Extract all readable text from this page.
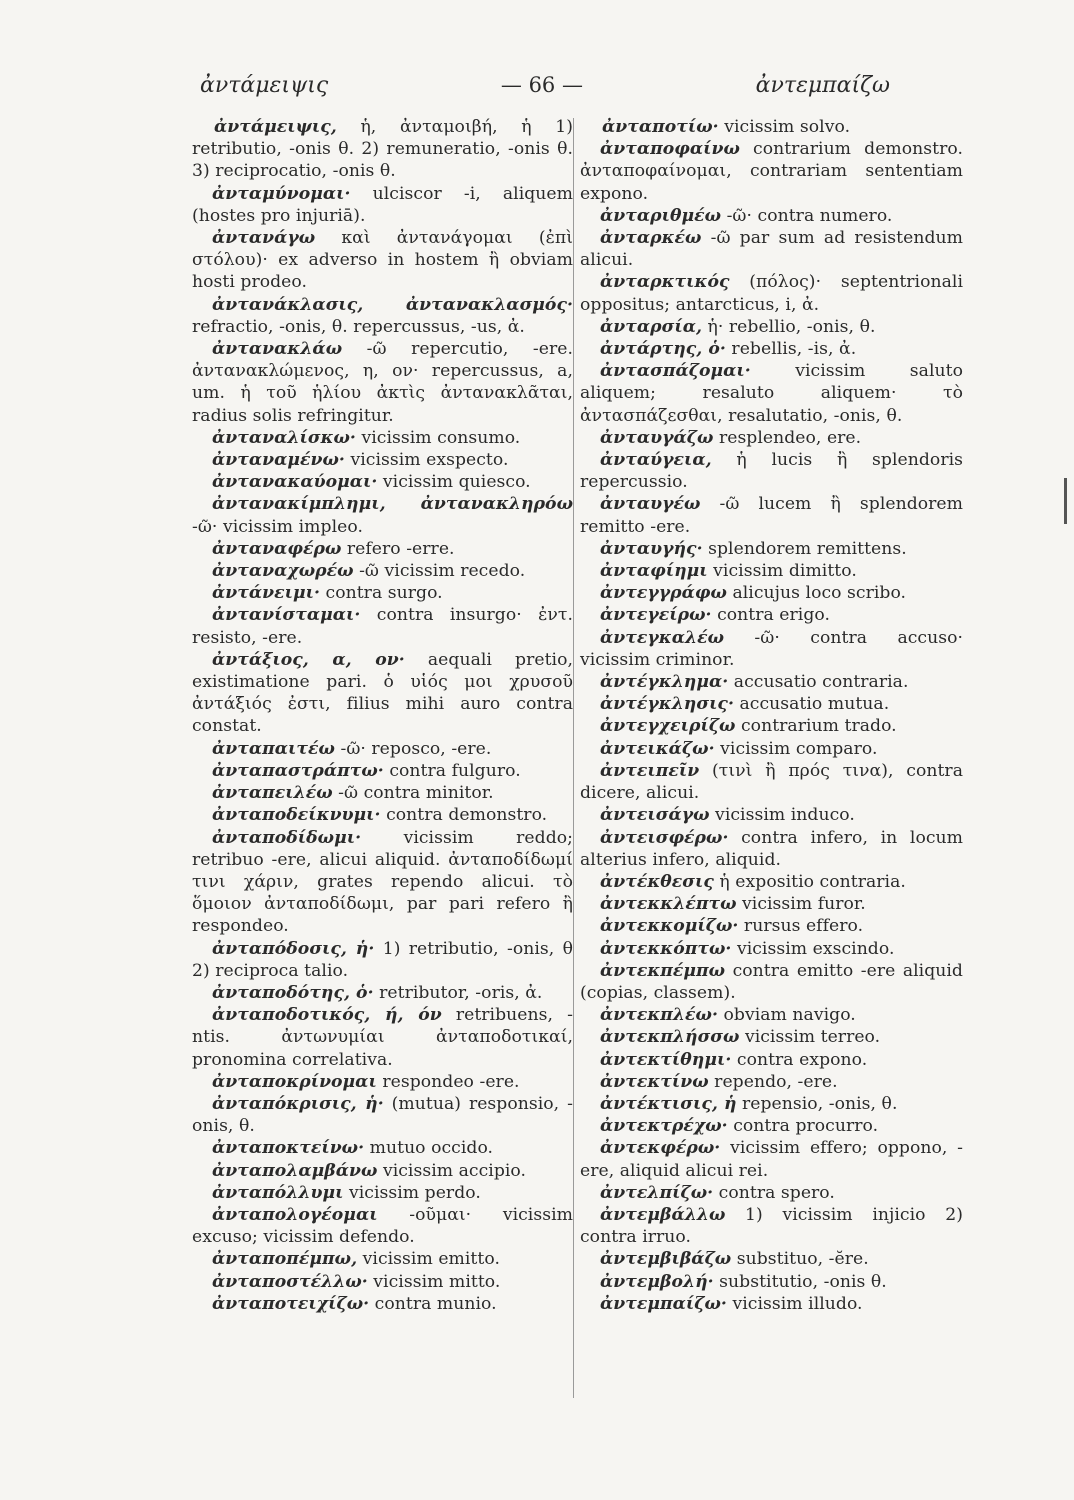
ἀντάμειψις	— 66 —	ἀντεμπαίζω

ἀντάμειψις, ἡ, ἀνταμοιβή, ἡ 1) retributio, -onis θ. 2) remuneratio, -onis θ. 3) reciprocatio, -onis θ.

ἀνταμύνομαι· ulciscor -i, aliquem (hostes pro injuriā).

ἀντανάγω καὶ ἀντανάγομαι (ἐπὶ στόλου)· ex adverso in hostem ἢ obviam hosti prodeo.

ἀντανάκλασις, ἀντανακλασμός· refractio, -onis, θ. repercussus, -us, ἀ.

ἀντανακλάω -ῶ repercutio, -ere. ἀντανακλώμενος, η, ον· repercussus, a, um. ἡ τοῦ ἡλίου ἀκτὶς ἀντανακλᾶται, radius solis refringitur.

ἀνταναλίσκω· vicissim consumo.

ἀνταναμένω· vicissim exspecto.

ἀντανακαύομαι· vicissim quiesco.

ἀντανακίμπλημι, ἀντανακληρόω -ῶ· vicissim impleo.

ἀνταναφέρω refero -erre.

ἀνταναχωρέω -ῶ vicissim recedo.

ἀντάνειμι· contra surgo.

ἀντανίσταμαι· contra insurgo· ἐντ. resisto, -ere.

ἀντάξιος, α, ον· aequali pretio, existimatione pari. ὁ υἱός μοι χρυσοῦ ἀντάξιός ἐστι, filius mihi auro contra constat.

ἀνταπαιτέω -ῶ· reposco, -ere.

ἀνταπαστράπτω· contra fulguro.

ἀνταπειλέω -ῶ contra minitor.

ἀνταποδείκνυμι· contra demonstro.

ἀνταποδίδωμι· vicissim reddo; retribuo -ere, alicui aliquid. ἀνταποδίδωμί τινι χάριν, grates rependo alicui. τὸ ὅμοιον ἀνταποδίδωμι, par pari refero ἢ respondeo.

ἀνταπόδοσις, ἡ· 1) retributio, -onis, θ 2) reciproca talio.

ἀνταποδότης, ὁ· retributor, -oris, ἀ.

ἀνταποδοτικός, ή, όν retribuens, -ntis. ἀντωνυμίαι ἀνταποδοτικαί, pronomina correlativa.

ἀνταποκρίνομαι respondeo -ere.

ἀνταπόκρισις, ἡ· (mutua) responsio, -onis, θ.

ἀνταποκτείνω· mutuo occido.

ἀνταπολαμβάνω vicissim accipio.

ἀνταπόλλυμι vicissim perdo.

ἀνταπολογέομαι -οῦμαι· vicissim excuso; vicissim defendo.

ἀνταποπέμπω, vicissim emitto.

ἀνταποστέλλω· vicissim mitto.

ἀνταποτειχίζω· contra munio.

ἀνταποτίω· vicissim solvo.

ἀνταποφαίνω contrarium demonstro. ἀνταποφαίνομαι, contrariam sententiam expono.

ἀνταριθμέω -ῶ· contra numero.

ἀνταρκέω -ῶ par sum ad resistendum alicui.

ἀνταρκτικός (πόλος)· septentrionali oppositus; antarcticus, i, ἀ.

ἀνταρσία, ἡ· rebellio, -onis, θ.

ἀντάρτης, ὁ· rebellis, -is, ἀ.

ἀντασπάζομαι· vicissim saluto aliquem; resaluto aliquem· τὸ ἀντασπάζεσθαι, resalutatio, -onis, θ.

ἀνταυγάζω resplendeo, ere.

ἀνταύγεια, ἡ lucis ἢ splendoris repercussio.

ἀνταυγέω -ῶ lucem ἢ splendorem remitto -ere.

ἀνταυγής· splendorem remittens.

ἀνταφίημι vicissim dimitto.

ἀντεγγράφω alicujus loco scribo.

ἀντεγείρω· contra erigo.

ἀντεγκαλέω -ῶ· contra accuso· vicissim criminor.

ἀντέγκλημα· accusatio contraria.

ἀντέγκλησις· accusatio mutua.

ἀντεγχειρίζω contrarium trado.

ἀντεικάζω· vicissim comparo.

ἀντειπεῖν (τινὶ ἢ πρός τινα), contra dicere, alicui.

ἀντεισάγω vicissim induco.

ἀντεισφέρω· contra infero, in locum alterius infero, aliquid.

ἀντέκθεσις ἡ expositio contraria.

ἀντεκκλέπτω vicissim furor.

ἀντεκκομίζω· rursus effero.

ἀντεκκόπτω· vicissim exscindo.

ἀντεκπέμπω contra emitto -ere aliquid (copias, classem).

ἀντεκπλέω· obviam navigo.

ἀντεκπλήσσω vicissim terreo.

ἀντεκτίθημι· contra expono.

ἀντεκτίνω rependo, -ere.

ἀντέκτισις, ἡ repensio, -onis, θ.

ἀντεκτρέχω· contra procurro.

ἀντεκφέρω· vicissim effero; oppono, -ere, aliquid alicui rei.

ἀντελπίζω· contra spero.

ἀντεμβάλλω 1) vicissim injicio 2) contra irruo.

ἀντεμβιβάζω substituo, -ĕre.

ἀντεμβολή· substitutio, -onis θ.

ἀντεμπαίζω· vicissim illudo.
